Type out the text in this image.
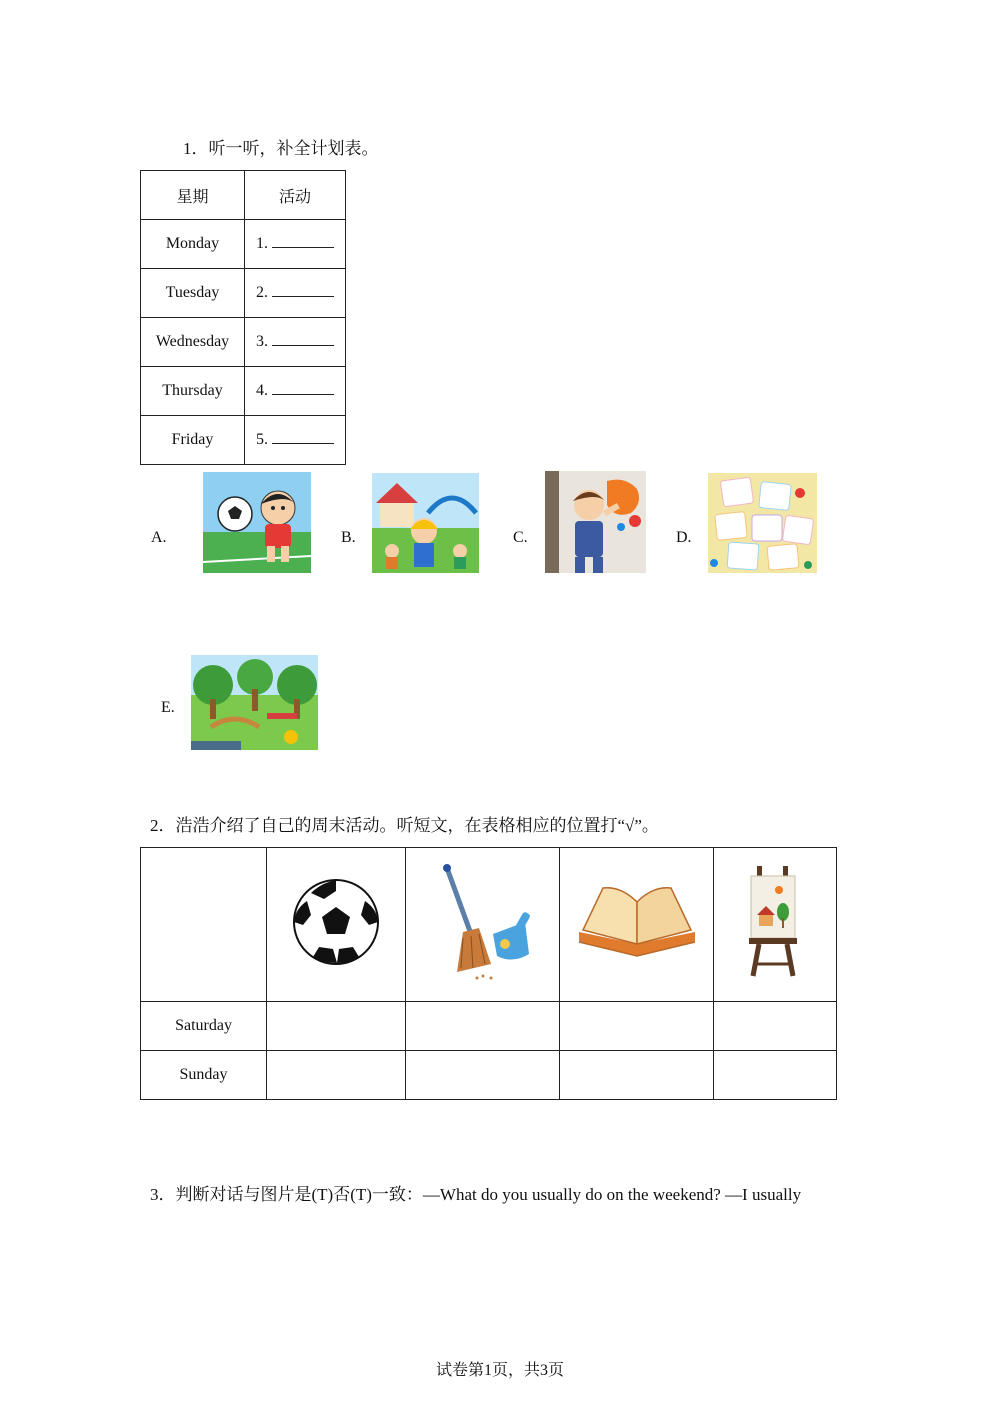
1．听一听，补全计划表。
星期	活动
Monday	1.
Tuesday	2.
Wednesday	3.
Thursday	4.
Friday	5.
A.	B.	C.	D.
E.
2．浩浩介绍了自己的周末活动。听短文，在表格相应的位置打“√”。

Saturday				
Sunday				
3．判断对话与图片是(T)否(T)一致：—What do you usually do on the weekend? —I usually
试卷第1页，共3页
